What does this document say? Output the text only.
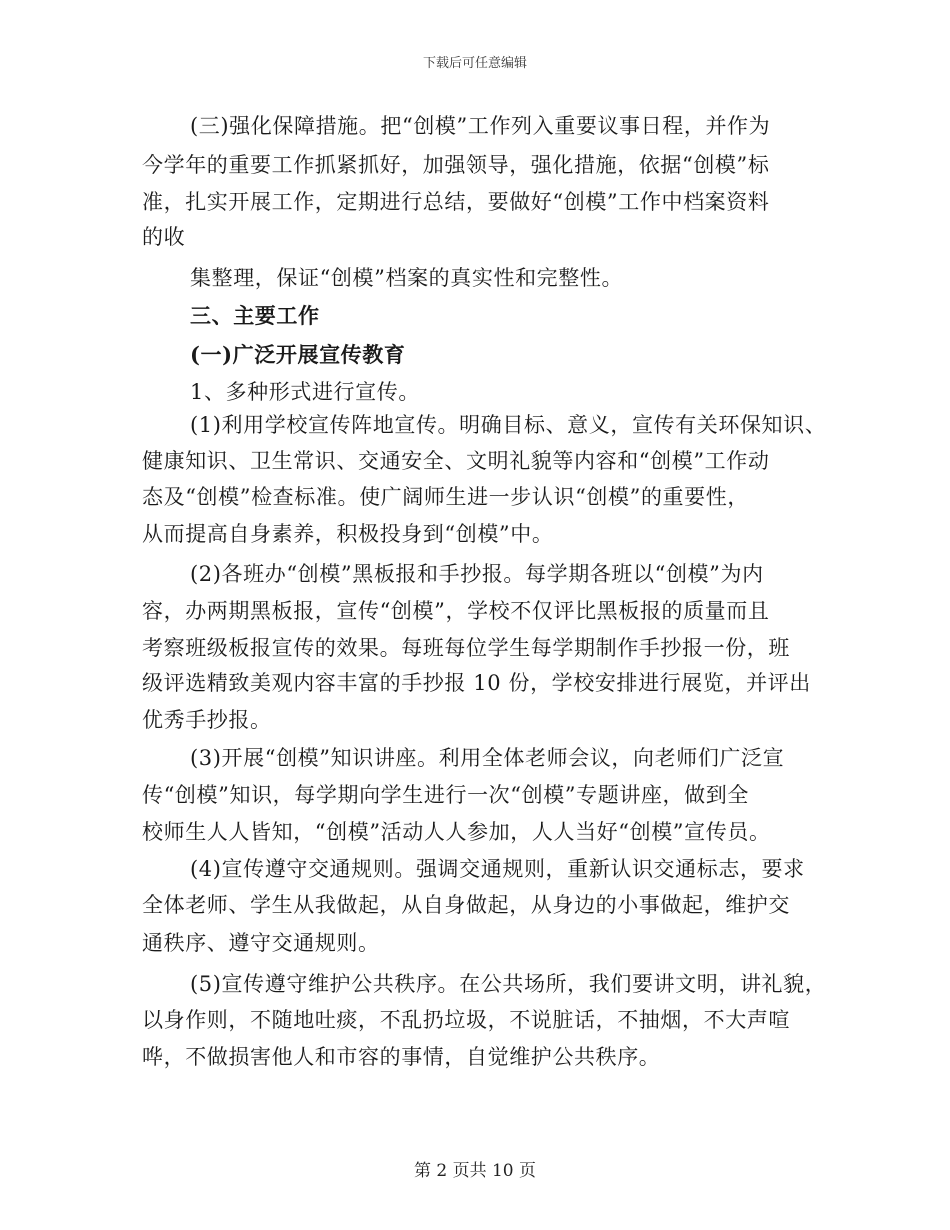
下载后可任意编辑
(三)强化保障措施。把“创模”工作列入重要议事日程，并作为
今学年的重要工作抓紧抓好，加强领导，强化措施，依据“创模”标
准，扎实开展工作，定期进行总结，要做好“创模”工作中档案资料
的收
集整理，保证“创模”档案的真实性和完整性。
三、主要工作
(一)广泛开展宣传教育
1、多种形式进行宣传。
(1)利用学校宣传阵地宣传。明确目标、意义，宣传有关环保知识、
健康知识、卫生常识、交通安全、文明礼貌等内容和“创模”工作动
态及“创模”检查标准。使广阔师生进一步认识“创模”的重要性，
从而提高自身素养，积极投身到“创模”中。
(2)各班办“创模”黑板报和手抄报。每学期各班以“创模”为内
容，办两期黑板报，宣传“创模”，学校不仅评比黑板报的质量而且
考察班级板报宣传的效果。每班每位学生每学期制作手抄报一份，班
级评选精致美观内容丰富的手抄报 10 份，学校安排进行展览，并评出
优秀手抄报。
(3)开展“创模”知识讲座。利用全体老师会议，向老师们广泛宣
传“创模”知识，每学期向学生进行一次“创模”专题讲座，做到全
校师生人人皆知，“创模”活动人人参加，人人当好“创模”宣传员。
(4)宣传遵守交通规则。强调交通规则，重新认识交通标志，要求
全体老师、学生从我做起，从自身做起，从身边的小事做起，维护交
通秩序、遵守交通规则。
(5)宣传遵守维护公共秩序。在公共场所，我们要讲文明，讲礼貌，
以身作则，不随地吐痰，不乱扔垃圾，不说脏话，不抽烟，不大声喧
哗，不做损害他人和市容的事情，自觉维护公共秩序。
第 2 页共 10 页
